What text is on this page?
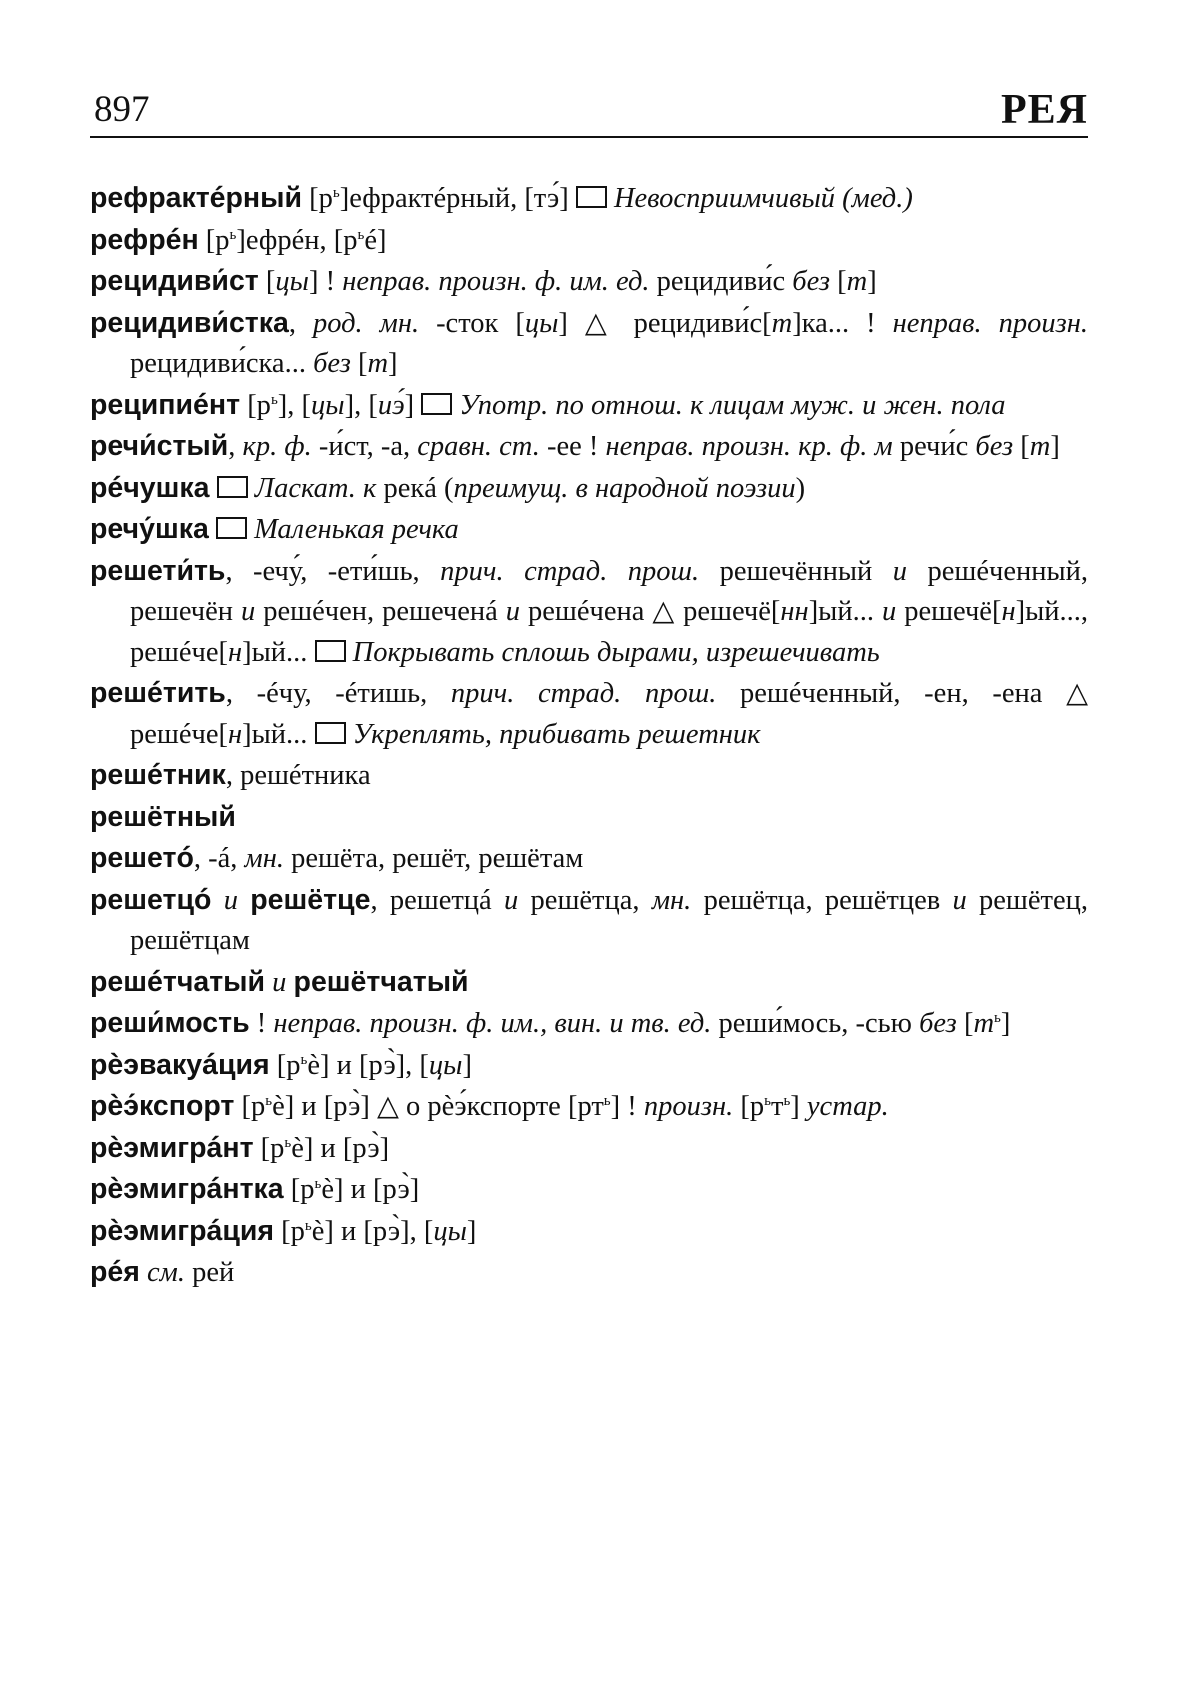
897	РЕЯ
рефрактéрный $[р^ь]ефрактéрный$, [тэ́]  Невосприимчивый (мед.)
рефрéн $[р^ь]ефрéн$, $[р^ьé]$
рецидиви́ст [цы] ! неправ. произн. ф. им. ед. рецидиви́с без [т]
рецидиви́стка, род. мн. -сток [цы] △ рецидиви́с[т]ка... ! неправ. произн. рецидиви́ска... без [т]
реципиéнт $[р^ь]$, [цы], [иэ́]  Употр. по отнош. к лицам муж. и жен. пола
речи́стый, кр. ф. -и́ст, -а, сравн. ст. -ее ! неправ. произн. кр. ф. м речи́с без [т]
рéчушка Ласкат. к рекá (преимущ. в народной поэзии)
речу́шка Маленькая речка
решети́ть, -ечу́, -ети́шь, прич. страд. прош. решечённый и решéченный, решечён и решéчен, решеченá и решéчена △ решечё[нн]ый... и решечё[н]ый..., решéче[н]ый...  Покрывать сплошь дырами, изрешечивать
решéтить, -éчу, -éтишь, прич. страд. прош. решéченный, -ен, -ена △ решéче[н]ый...  Укреплять, прибивать решетник
решéтник, решéтника
решётный
решетó, -á, мн. решёта, решёт, решётам
решетцó и решётце, решетцá и решётца, мн. решётца, решётцев и решётец, решётцам
решéтчатый и решётчатый
реши́мость ! неправ. произн. ф. им., вин. и тв. ед. реши́мось, -сью без $[т^ь]$
рѐэвакуáция $[р^ьѐ]$ и [рэ̀], [цы]
рѐэ́кспорт $[р^ьѐ]$ и [рэ̀] △ о рѐэ́кспорте $[рт^ь]$ ! произн. $[р^ьт^ь]$ устар.
рѐэмигрáнт $[р^ьѐ]$ и [рэ̀]
рѐэмигрáнтка $[р^ьѐ]$ и [рэ̀]
рѐэмигрáция $[р^ьѐ]$ и [рэ̀], [цы]
рéя см. рей
